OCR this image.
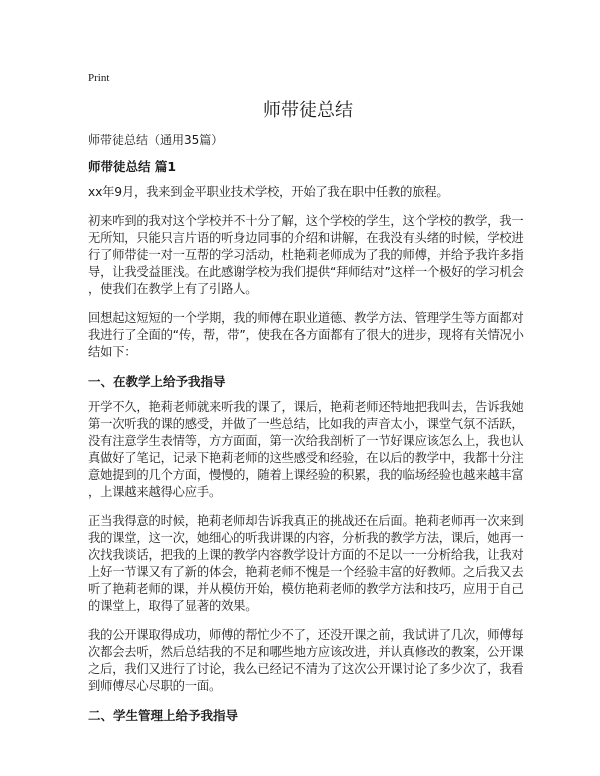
Print
师带徒总结
师带徒总结（通用35篇）
师带徒总结 篇1
xx年9月，我来到金平职业技术学校，开始了我在职中任教的旅程。
初来咋到的我对这个学校并不十分了解，这个学校的学生，这个学校的教学，我一
无所知，只能只言片语的听身边同事的介绍和讲解，在我没有头绪的时候，学校进
行了师带徒一对一互帮的学习活动，杜艳莉老师成为了我的师傅，并给予我许多指
导，让我受益匪浅。在此感谢学校为我们提供“拜师结对”这样一个极好的学习机会
，使我们在教学上有了引路人。
回想起这短短的一个学期，我的师傅在职业道德、教学方法、管理学生等方面都对
我进行了全面的“传，帮，带”，使我在各方面都有了很大的进步，现将有关情况小
结如下：
一、在教学上给予我指导
开学不久，艳莉老师就来听我的课了，课后，艳莉老师还特地把我叫去，告诉我她
第一次听我的课的感受，并做了一些总结，比如我的声音太小，课堂气氛不活跃，
没有注意学生表情等，方方面面，第一次给我剖析了一节好课应该怎么上，我也认
真做好了笔记，记录下艳莉老师的这些感受和经验，在以后的教学中，我都十分注
意她提到的几个方面，慢慢的，随着上课经验的积累，我的临场经验也越来越丰富
，上课越来越得心应手。
正当我得意的时候，艳莉老师却告诉我真正的挑战还在后面。艳莉老师再一次来到
我的课堂，这一次，她细心的听我讲课的内容，分析我的教学方法，课后，她再一
次找我谈话，把我的上课的教学内容教学设计方面的不足以一一分析给我，让我对
上好一节课又有了新的体会，艳莉老师不愧是一个经验丰富的好教师。之后我又去
听了艳莉老师的课，并从模仿开始，模仿艳莉老师的教学方法和技巧，应用于自己
的课堂上，取得了显著的效果。
我的公开课取得成功，师傅的帮忙少不了，还没开课之前，我试讲了几次，师傅每
次都会去听，然后总结我的不足和哪些地方应该改进，并认真修改的教案，公开课
之后，我们又进行了讨论，我么已经记不清为了这次公开课讨论了多少次了，我看
到师傅尽心尽职的一面。
二、学生管理上给予我指导
